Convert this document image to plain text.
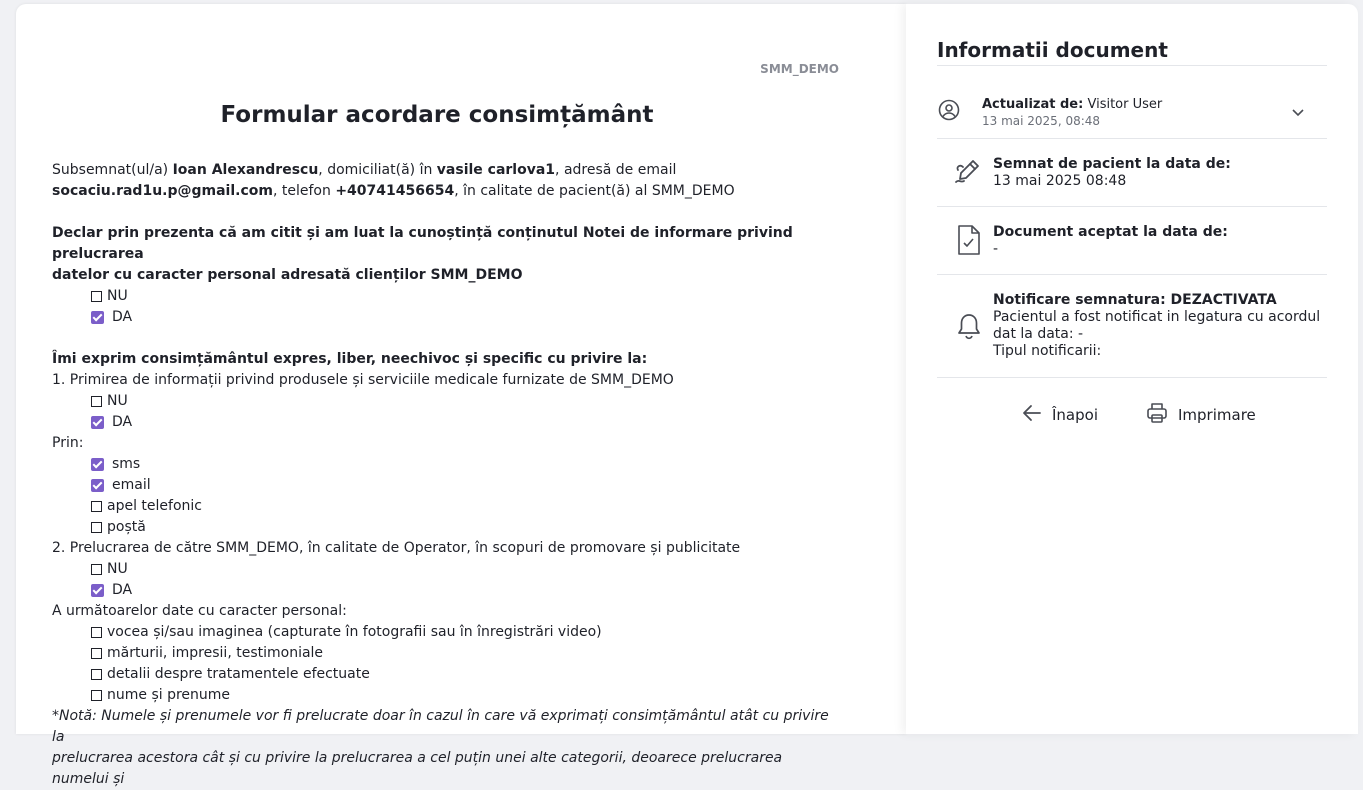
SMM_DEMO
Formular acordare consimțământ
Subsemnat(ul/a) Ioan Alexandrescu, domiciliat(ă) în vasile carlova1, adresă de email
socaciu.rad1u.p@gmail.com, telefon +40741456654, în calitate de pacient(ă) al SMM_DEMO
Declar prin prezenta că am citit și am luat la cunoștință conținutul Notei de informare privind prelucrarea
datelor cu caracter personal adresată clienților SMM_DEMO
NU
DA
Îmi exprim consimțământul expres, liber, neechivoc și specific cu privire la:
1. Primirea de informații privind produsele și serviciile medicale furnizate de SMM_DEMO
NU
DA
Prin:
sms
email
apel telefonic
poștă
2. Prelucrarea de către SMM_DEMO, în calitate de Operator, în scopuri de promovare și publicitate
NU
DA
A următoarelor date cu caracter personal:
vocea și/sau imaginea (capturate în fotografii sau în înregistrări video)
mărturii, impresii, testimoniale
detalii despre tratamentele efectuate
nume și prenume
*Notă: Numele și prenumele vor fi prelucrate doar în cazul în care vă exprimați consimțământul atât cu privire la
prelucrarea acestora cât și cu privire la prelucrarea a cel puțin unei alte categorii, deoarece prelucrarea numelui și
Informatii document
Actualizat de: Visitor User
13 mai 2025, 08:48
Semnat de pacient la data de:
13 mai 2025 08:48
Document aceptat la data de:
-
Notificare semnatura: DEZACTIVATA
Pacientul a fost notificat in legatura cu acordul
dat la data: -
Tipul notificarii:
Înapoi	Imprimare
